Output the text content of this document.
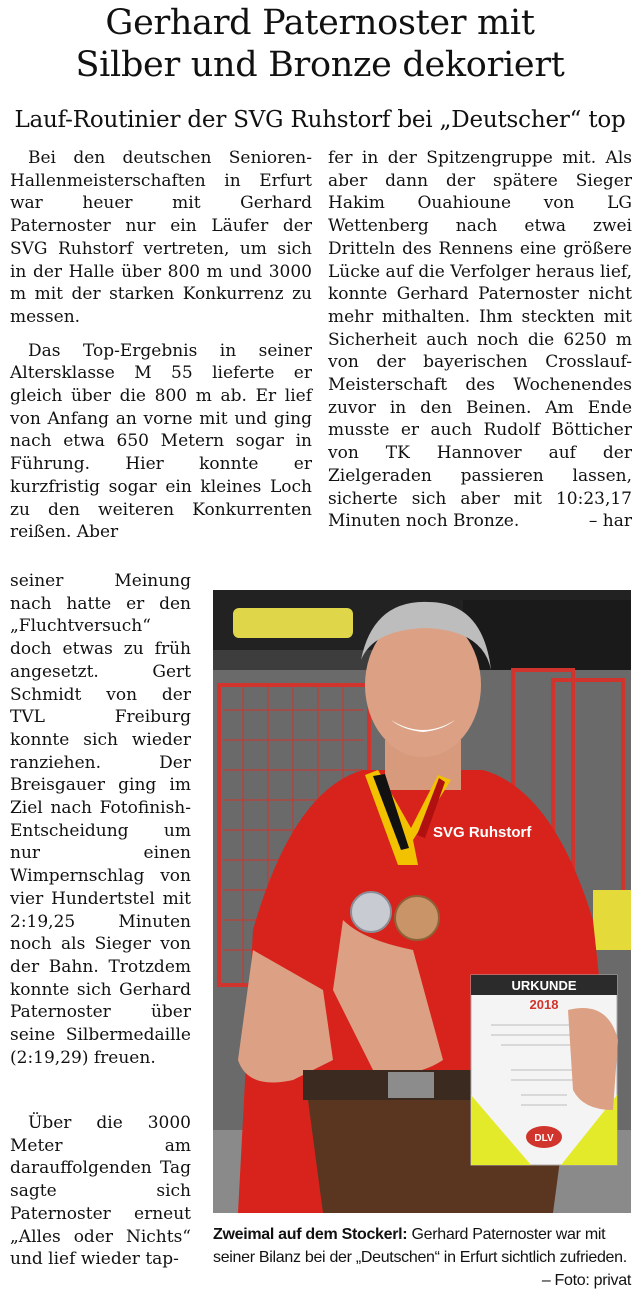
Gerhard Paternoster mit
Silber und Bronze dekoriert
Lauf-Routinier der SVG Ruhstorf bei „Deutscher“ top

Bei den deutschen Senioren-Hallenmeisterschaften in Erfurt war heuer mit Gerhard Paternoster nur ein Läufer der SVG Ruhstorf vertreten, um sich in der Halle über 800 m und 3000 m mit der starken Konkurrenz zu messen.

Das Top-Ergebnis in seiner Altersklasse M 55 lieferte er gleich über die 800 m ab. Er lief von Anfang an vorne mit und ging nach etwa 650 Metern sogar in Führung. Hier konnte er kurzfristig sogar ein kleines Loch zu den weiteren Konkurrenten reißen. Aber

seiner Meinung nach hatte er den „Fluchtversuch“ doch etwas zu früh angesetzt. Gert Schmidt von der TVL Freiburg konnte sich wieder ranziehen. Der Breisgauer ging im Ziel nach Fotofinish-Entscheidung um nur einen Wimpernschlag von vier Hundertstel mit 2:19,25 Minuten noch als Sieger von der Bahn. Trotzdem konnte sich Gerhard Paternoster über seine Silbermedaille (2:19,29) freuen.

Über die 3000 Meter am darauffolgenden Tag sagte sich Paternoster erneut „Alles oder Nichts“ und lief wieder tap-

fer in der Spitzengruppe mit. Als aber dann der spätere Sieger Hakim Ouahioune von LG Wettenberg nach etwa zwei Dritteln des Rennens eine größere Lücke auf die Verfolger heraus lief, konnte Gerhard Paternoster nicht mehr mithalten. Ihm steckten mit Sicherheit auch noch die 6250 m von der bayerischen Crosslauf-Meisterschaft des Wochenendes zuvor in den Beinen. Am Ende musste er auch Rudolf Bötticher von TK Hannover auf der Zielgeraden passieren lassen, sicherte sich aber mit 10:23,17 Minuten noch Bronze.	– har

SVG Ruhstorf
URKUNDE
2018
DLV
Zweimal auf dem Stockerl: Gerhard Paternoster war mit seiner Bilanz bei der „Deutschen“ in Erfurt sichtlich zufrieden.
– Foto: privat
